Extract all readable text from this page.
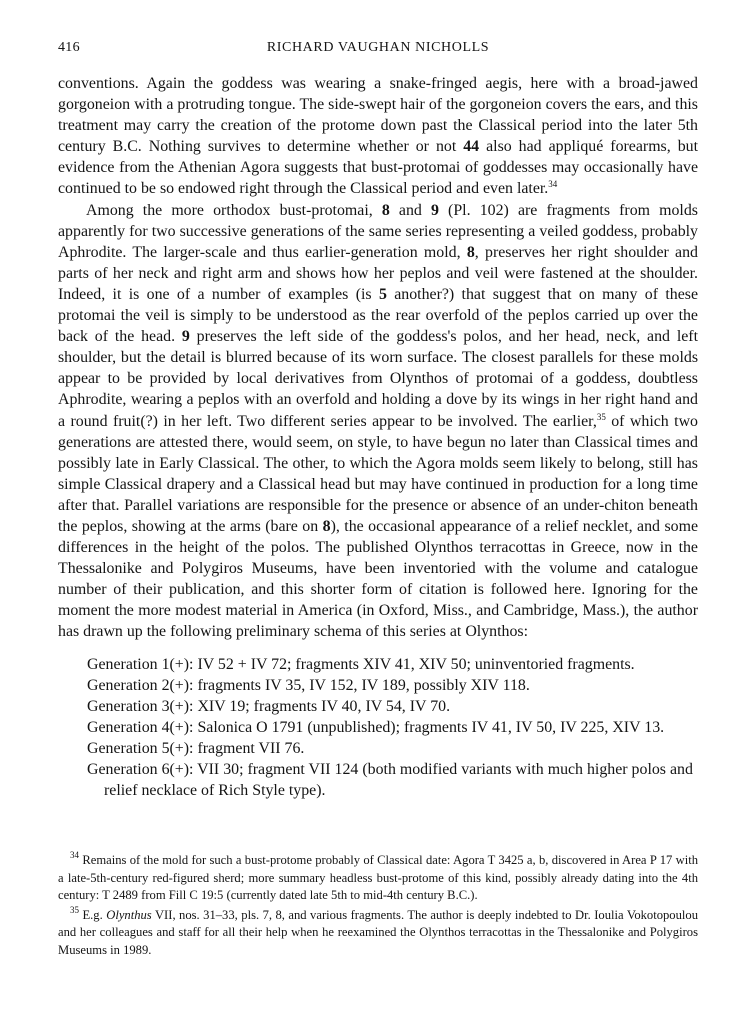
416	RICHARD VAUGHAN NICHOLLS

conventions. Again the goddess was wearing a snake-fringed aegis, here with a broad-jawed gorgoneion with a protruding tongue. The side-swept hair of the gorgoneion covers the ears, and this treatment may carry the creation of the protome down past the Classical period into the later 5th century B.C. Nothing survives to determine whether or not 44 also had appliqué forearms, but evidence from the Athenian Agora suggests that bust-protomai of goddesses may occasionally have continued to be so endowed right through the Classical period and even later.$^{34}$

Among the more orthodox bust-protomai, 8 and 9 (Pl. 102) are fragments from molds apparently for two successive generations of the same series representing a veiled goddess, probably Aphrodite. The larger-scale and thus earlier-generation mold, 8, preserves her right shoulder and parts of her neck and right arm and shows how her peplos and veil were fastened at the shoulder. Indeed, it is one of a number of examples (is 5 another?) that suggest that on many of these protomai the veil is simply to be understood as the rear overfold of the peplos carried up over the back of the head. 9 preserves the left side of the goddess's polos, and her head, neck, and left shoulder, but the detail is blurred because of its worn surface. The closest parallels for these molds appear to be provided by local derivatives from Olynthos of protomai of a goddess, doubtless Aphrodite, wearing a peplos with an overfold and holding a dove by its wings in her right hand and a round fruit(?) in her left. Two different series appear to be involved. The earlier,$^{35}$ of which two generations are attested there, would seem, on style, to have begun no later than Classical times and possibly late in Early Classical. The other, to which the Agora molds seem likely to belong, still has simple Classical drapery and a Classical head but may have continued in production for a long time after that. Parallel variations are responsible for the presence or absence of an under-chiton beneath the peplos, showing at the arms (bare on 8), the occasional appearance of a relief necklet, and some differences in the height of the polos. The published Olynthos terracottas in Greece, now in the Thessalonike and Polygiros Museums, have been inventoried with the volume and catalogue number of their publication, and this shorter form of citation is followed here. Ignoring for the moment the more modest material in America (in Oxford, Miss., and Cambridge, Mass.), the author has drawn up the following preliminary schema of this series at Olynthos:

Generation 1(+): IV 52 + IV 72; fragments XIV 41, XIV 50; uninventoried fragments.
Generation 2(+): fragments IV 35, IV 152, IV 189, possibly XIV 118.
Generation 3(+): XIV 19; fragments IV 40, IV 54, IV 70.
Generation 4(+): Salonica O 1791 (unpublished); fragments IV 41, IV 50, IV 225, XIV 13.
Generation 5(+): fragment VII 76.
Generation 6(+): VII 30; fragment VII 124 (both modified variants with much higher polos and relief necklace of Rich Style type).

$^{34}$ Remains of the mold for such a bust-protome probably of Classical date: Agora T 3425 a, b, discovered in Area P 17 with a late-5th-century red-figured sherd; more summary headless bust-protome of this kind, possibly already dating into the 4th century: T 2489 from Fill C 19:5 (currently dated late 5th to mid-4th century B.C.).

$^{35}$ E.g. Olynthus VII, nos. 31–33, pls. 7, 8, and various fragments. The author is deeply indebted to Dr. Ioulia Vokotopoulou and her colleagues and staff for all their help when he reexamined the Olynthos terracottas in the Thessalonike and Polygiros Museums in 1989.
